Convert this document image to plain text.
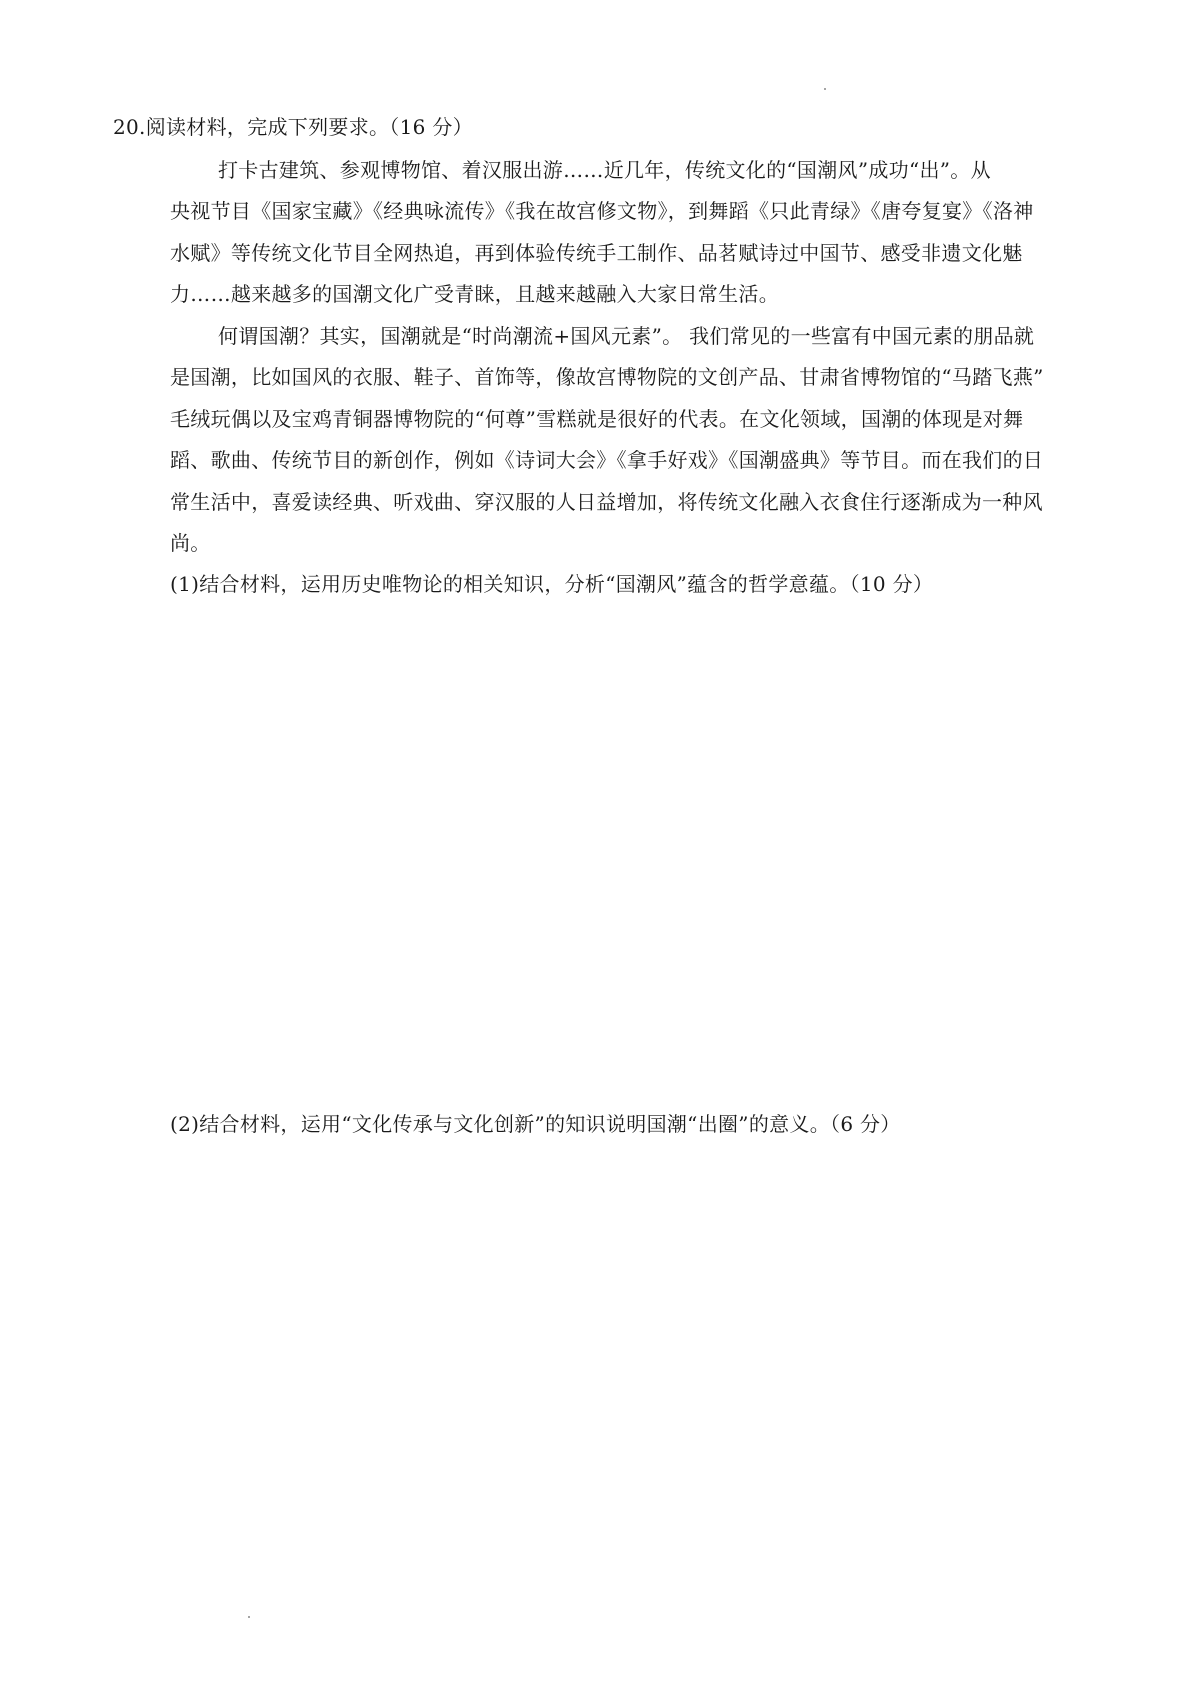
20.阅读材料，完成下列要求。（16 分）
打卡古建筑、参观博物馆、着汉服出游……近几年，传统文化的“国潮风”成功“出”。从
央视节目《国家宝藏》《经典咏流传》《我在故宫修文物》，到舞蹈《只此青绿》《唐夸复宴》《洛神
水赋》等传统文化节目全网热追，再到体验传统手工制作、品茗赋诗过中国节、感受非遗文化魅
力……越来越多的国潮文化广受青睐，且越来越融入大家日常生活。
何谓国潮？其实，国潮就是“时尚潮流+国风元素”。 我们常见的一些富有中国元素的朋品就
是国潮，比如国风的衣服、鞋子、首饰等，像故宫博物院的文创产品、甘肃省博物馆的“马踏飞燕”
毛绒玩偶以及宝鸡青铜器博物院的“何尊”雪糕就是很好的代表。在文化领域，国潮的体现是对舞
蹈、歌曲、传统节目的新创作，例如《诗词大会》《拿手好戏》《国潮盛典》等节目。而在我们的日
常生活中，喜爱读经典、听戏曲、穿汉服的人日益增加，将传统文化融入衣食住行逐渐成为一种风
尚。
(1)结合材料，运用历史唯物论的相关知识，分析“国潮风”蕴含的哲学意蕴。（10 分）
(2)结合材料，运用“文化传承与文化创新”的知识说明国潮“出圈”的意义。（6 分）
